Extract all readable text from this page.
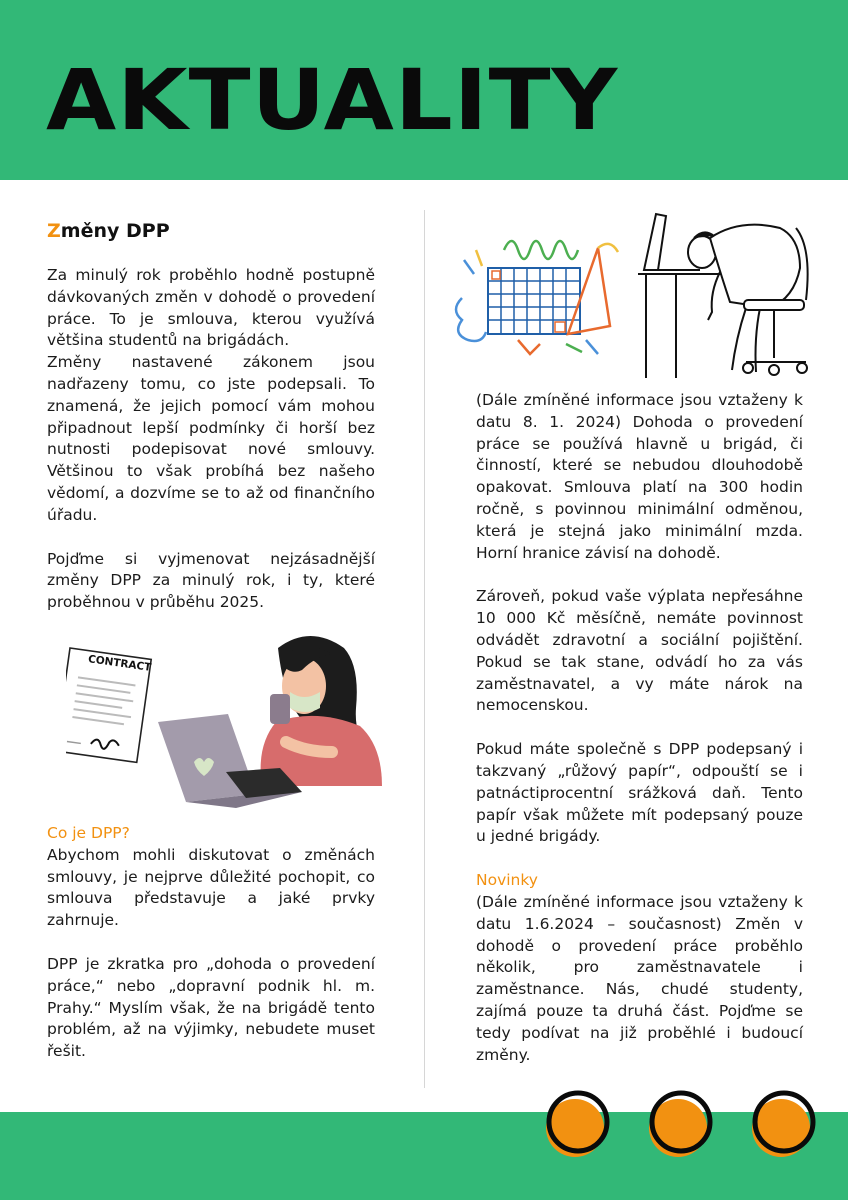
AKTUALITY
Změny DPP

Za minulý rok proběhlo hodně postupně dávkovaných změn v dohodě o provedení práce. To je smlouva, kterou využívá většina studentů na brigádách.

Změny nastavené zákonem jsou nadřazeny tomu, co jste podepsali. To znamená, že jejich pomocí vám mohou připadnout lepší podmínky či horší bez nutnosti podepisovat nové smlouvy. Většinou to však probíhá bez našeho vědomí, a dozvíme se to až od finančního úřadu.

Pojďme si vyjmenovat nejzásadnější změny DPP za minulý rok, i ty, které proběhnou v průběhu 2025.

CONTRACT

Co je DPP?

Abychom mohli diskutovat o změnách smlouvy, je nejprve důležité pochopit, co smlouva představuje a jaké prvky zahrnuje.

DPP je zkratka pro „dohoda o provedení práce,“ nebo „dopravní podnik hl. m. Prahy.“ Myslím však, že na brigádě tento problém, až na výjimky, nebudete muset řešit.

(Dále zmíněné informace jsou vztaženy k datu 8. 1. 2024) Dohoda o provedení práce se používá hlavně u brigád, či činností, které se nebudou dlouhodobě opakovat. Smlouva platí na 300 hodin ročně, s povinnou minimální odměnou, která je stejná jako minimální mzda. Horní hranice závisí na dohodě.

Zároveň, pokud vaše výplata nepřesáhne 10 000 Kč měsíčně, nemáte povinnost odvádět zdravotní a sociální pojištění. Pokud se tak stane, odvádí ho za vás zaměstnavatel, a vy máte nárok na nemocenskou.

Pokud máte společně s DPP podepsaný i takzvaný „růžový papír“, odpouští se i patnáctiprocentní srážková daň. Tento papír však můžete mít podepsaný pouze u jedné brigády.

Novinky

(Dále zmíněné informace jsou vztaženy k datu 1.6.2024 – současnost) Změn v dohodě o provedení práce proběhlo několik, pro zaměstnavatele i zaměstnance. Nás, chudé studenty, zajímá pouze ta druhá část. Pojďme se tedy podívat na již proběhlé i budoucí změny.
